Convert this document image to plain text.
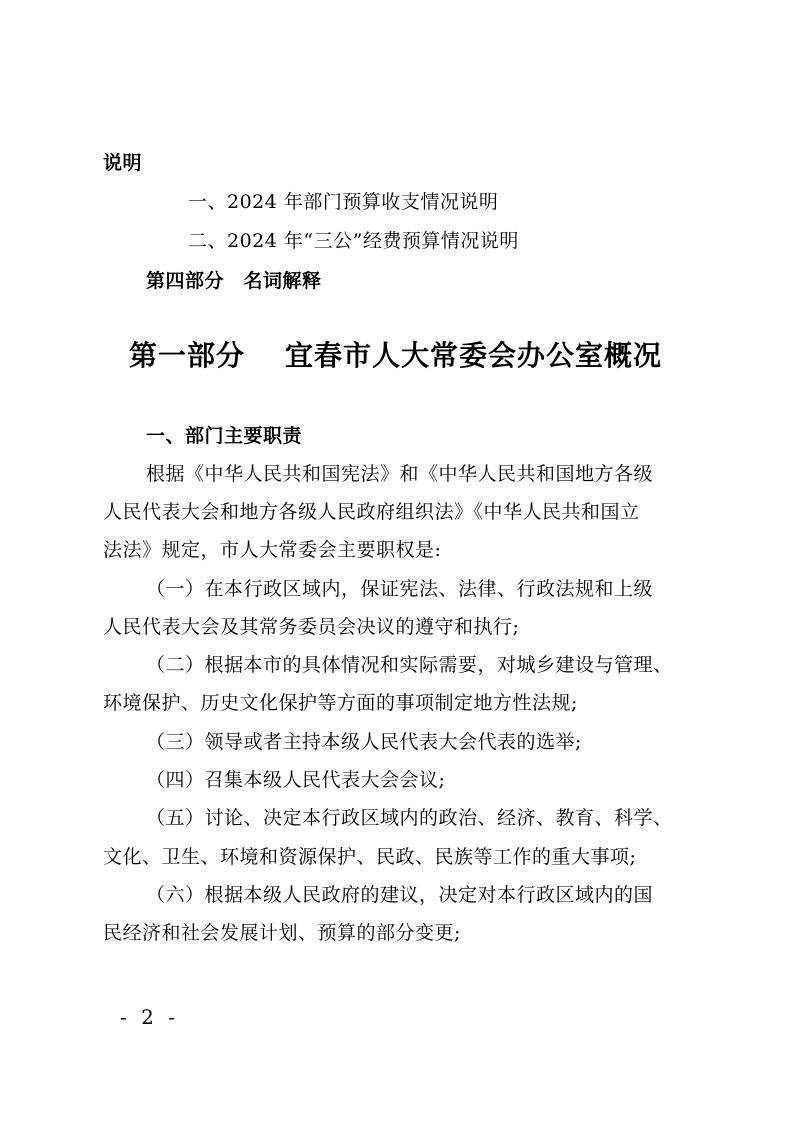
说明
一、2024 年部门预算收支情况说明
二、2024 年“三公”经费预算情况说明
第四部分　名词解释
第一部分 宜春市人大常委会办公室概况
一、部门主要职责
根据《中华人民共和国宪法》和《中华人民共和国地方各级
人民代表大会和地方各级人民政府组织法》《中华人民共和国立
法法》规定，市人大常委会主要职权是:
（一）在本行政区域内，保证宪法、法律、行政法规和上级
人民代表大会及其常务委员会决议的遵守和执行;
（二）根据本市的具体情况和实际需要，对城乡建设与管理、
环境保护、历史文化保护等方面的事项制定地方性法规;
（三）领导或者主持本级人民代表大会代表的选举;
（四）召集本级人民代表大会会议;
（五）讨论、决定本行政区域内的政治、经济、教育、科学、
文化、卫生、环境和资源保护、民政、民族等工作的重大事项;
（六）根据本级人民政府的建议，决定对本行政区域内的国
民经济和社会发展计划、预算的部分变更;
- 2 -
